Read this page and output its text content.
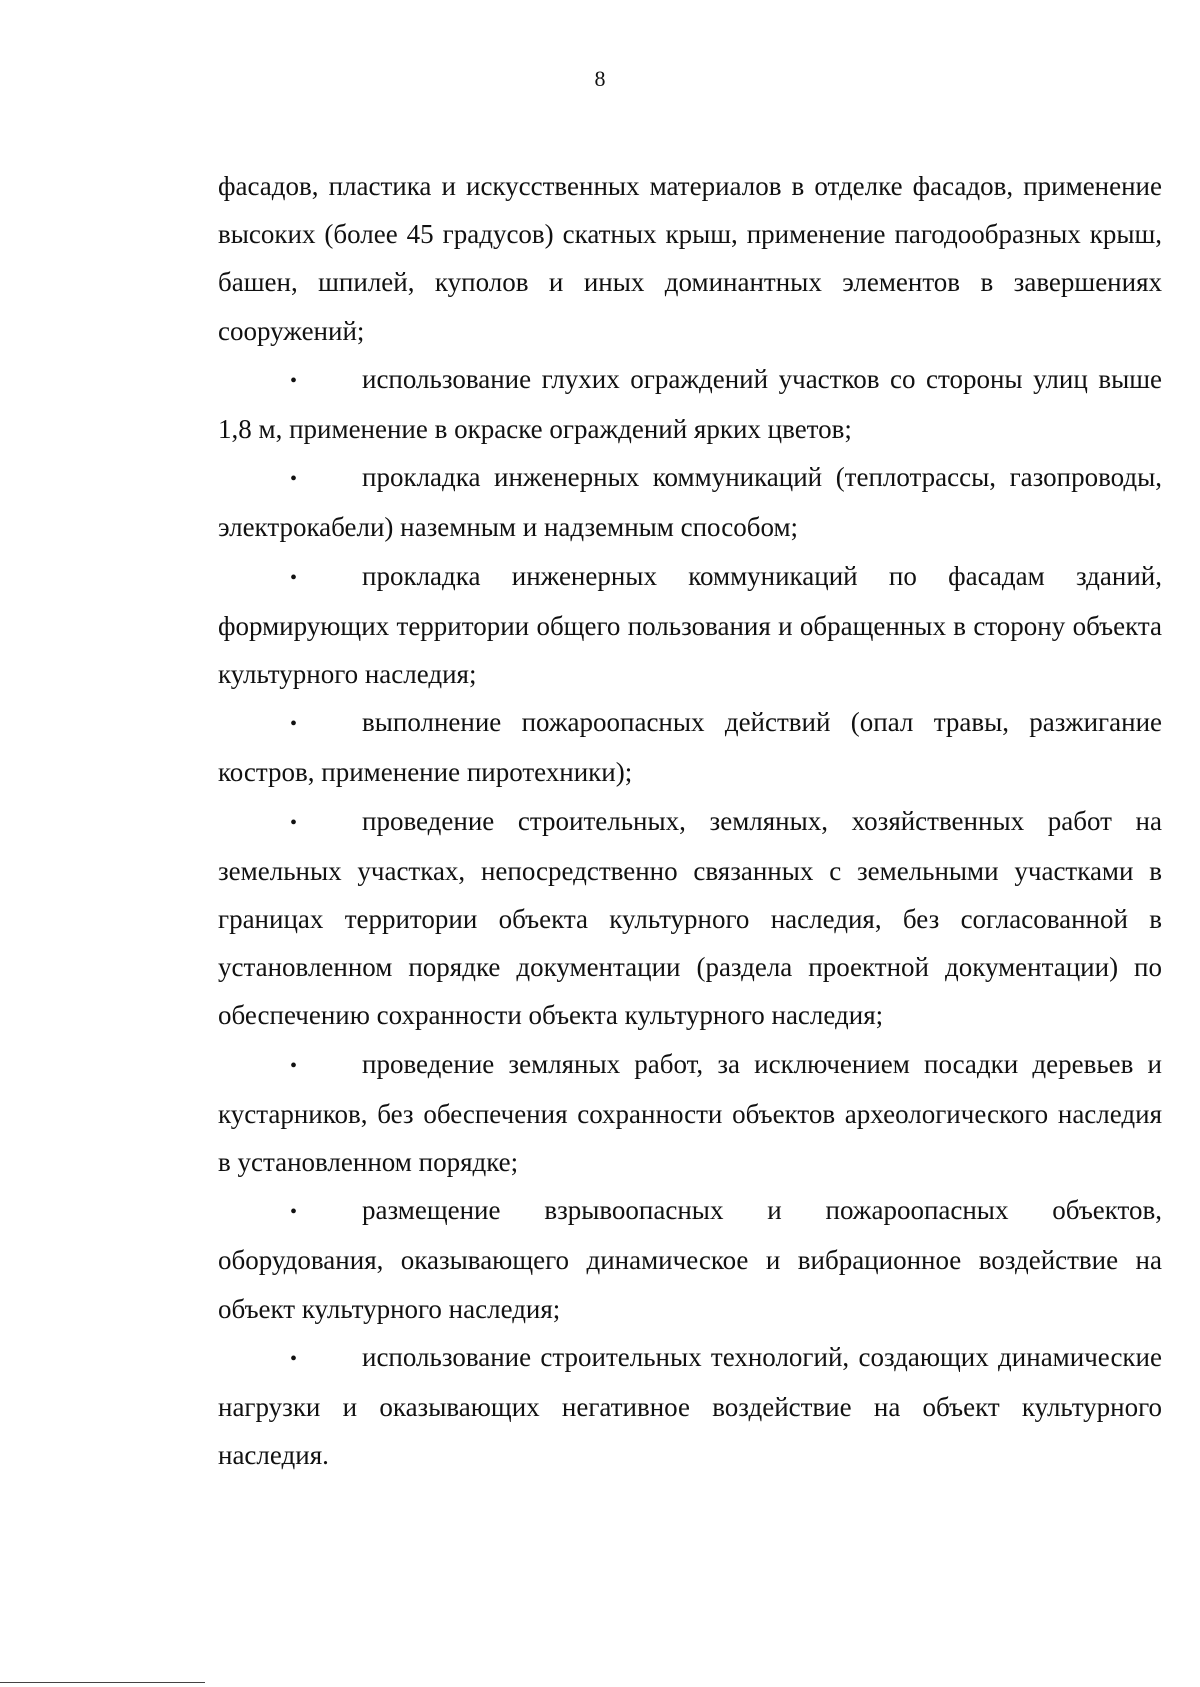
8

фасадов, пластика и искусственных материалов в отделке фасадов, применение высоких (более 45 градусов) скатных крыш, применение пагодообразных крыш, башен, шпилей, куполов и иных доминантных элементов в завершениях сооружений;

• использование глухих ограждений участков со стороны улиц выше 1,8 м, применение в окраске ограждений ярких цветов;

• прокладка инженерных коммуникаций (теплотрассы, газопроводы, электрокабели) наземным и надземным способом;

• прокладка инженерных коммуникаций по фасадам зданий, формирующих территории общего пользования и обращенных в сторону объекта культурного наследия;

• выполнение пожароопасных действий (опал травы, разжигание костров, применение пиротехники);

• проведение строительных, земляных, хозяйственных работ на земельных участках, непосредственно связанных с земельными участками в границах территории объекта культурного наследия, без согласованной в установленном порядке документации (раздела проектной документации) по обеспечению сохранности объекта культурного наследия;

• проведение земляных работ, за исключением посадки деревьев и кустарников, без обеспечения сохранности объектов археологического наследия в установленном порядке;

• размещение взрывоопасных и пожароопасных объектов, оборудования, оказывающего динамическое и вибрационное воздействие на объект культурного наследия;

• использование строительных технологий, создающих динамические нагрузки и оказывающих негативное воздействие на объект культурного наследия.
